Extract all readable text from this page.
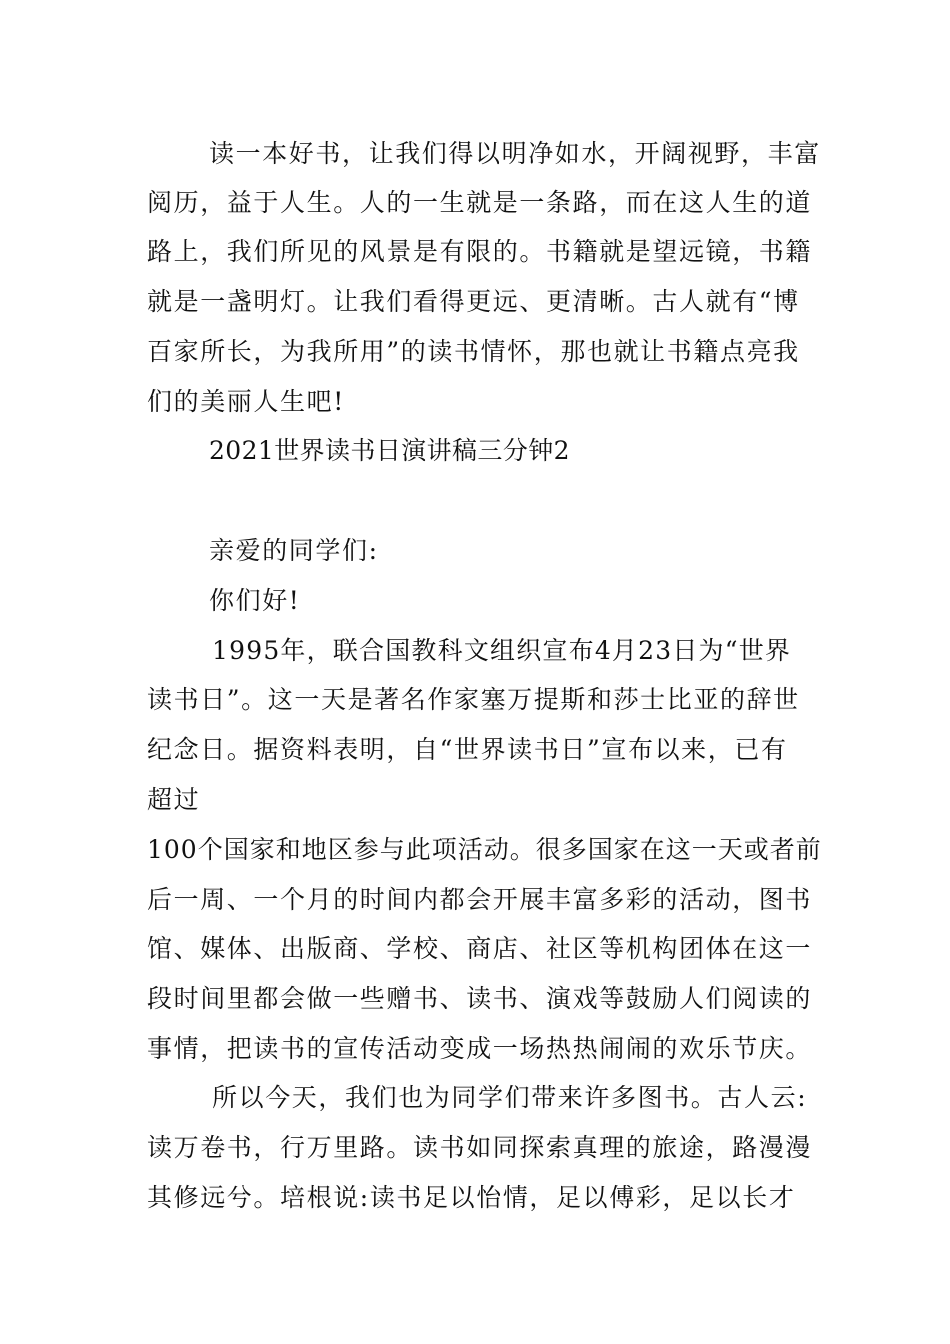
读一本好书，让我们得以明净如水，开阔视野，丰富
阅历，益于人生。人的一生就是一条路，而在这人生的道
路上，我们所见的风景是有限的。书籍就是望远镜，书籍
就是一盏明灯。让我们看得更远、更清晰。古人就有“博
百家所长，为我所用”的读书情怀，那也就让书籍点亮我
们的美丽人生吧!
2021世界读书日演讲稿三分钟2
亲爱的同学们:
你们好!
1995年，联合国教科文组织宣布4月23日为“世界
读书日”。这一天是著名作家塞万提斯和莎士比亚的辞世
纪念日。据资料表明，自“世界读书日”宣布以来，已有
超过
100个国家和地区参与此项活动。很多国家在这一天或者前
后一周、一个月的时间内都会开展丰富多彩的活动，图书
馆、媒体、出版商、学校、商店、社区等机构团体在这一
段时间里都会做一些赠书、读书、演戏等鼓励人们阅读的
事情，把读书的宣传活动变成一场热热闹闹的欢乐节庆。
所以今天，我们也为同学们带来许多图书。古人云:
读万卷书，行万里路。读书如同探索真理的旅途，路漫漫
其修远兮。培根说:读书足以怡情，足以傅彩，足以长才
